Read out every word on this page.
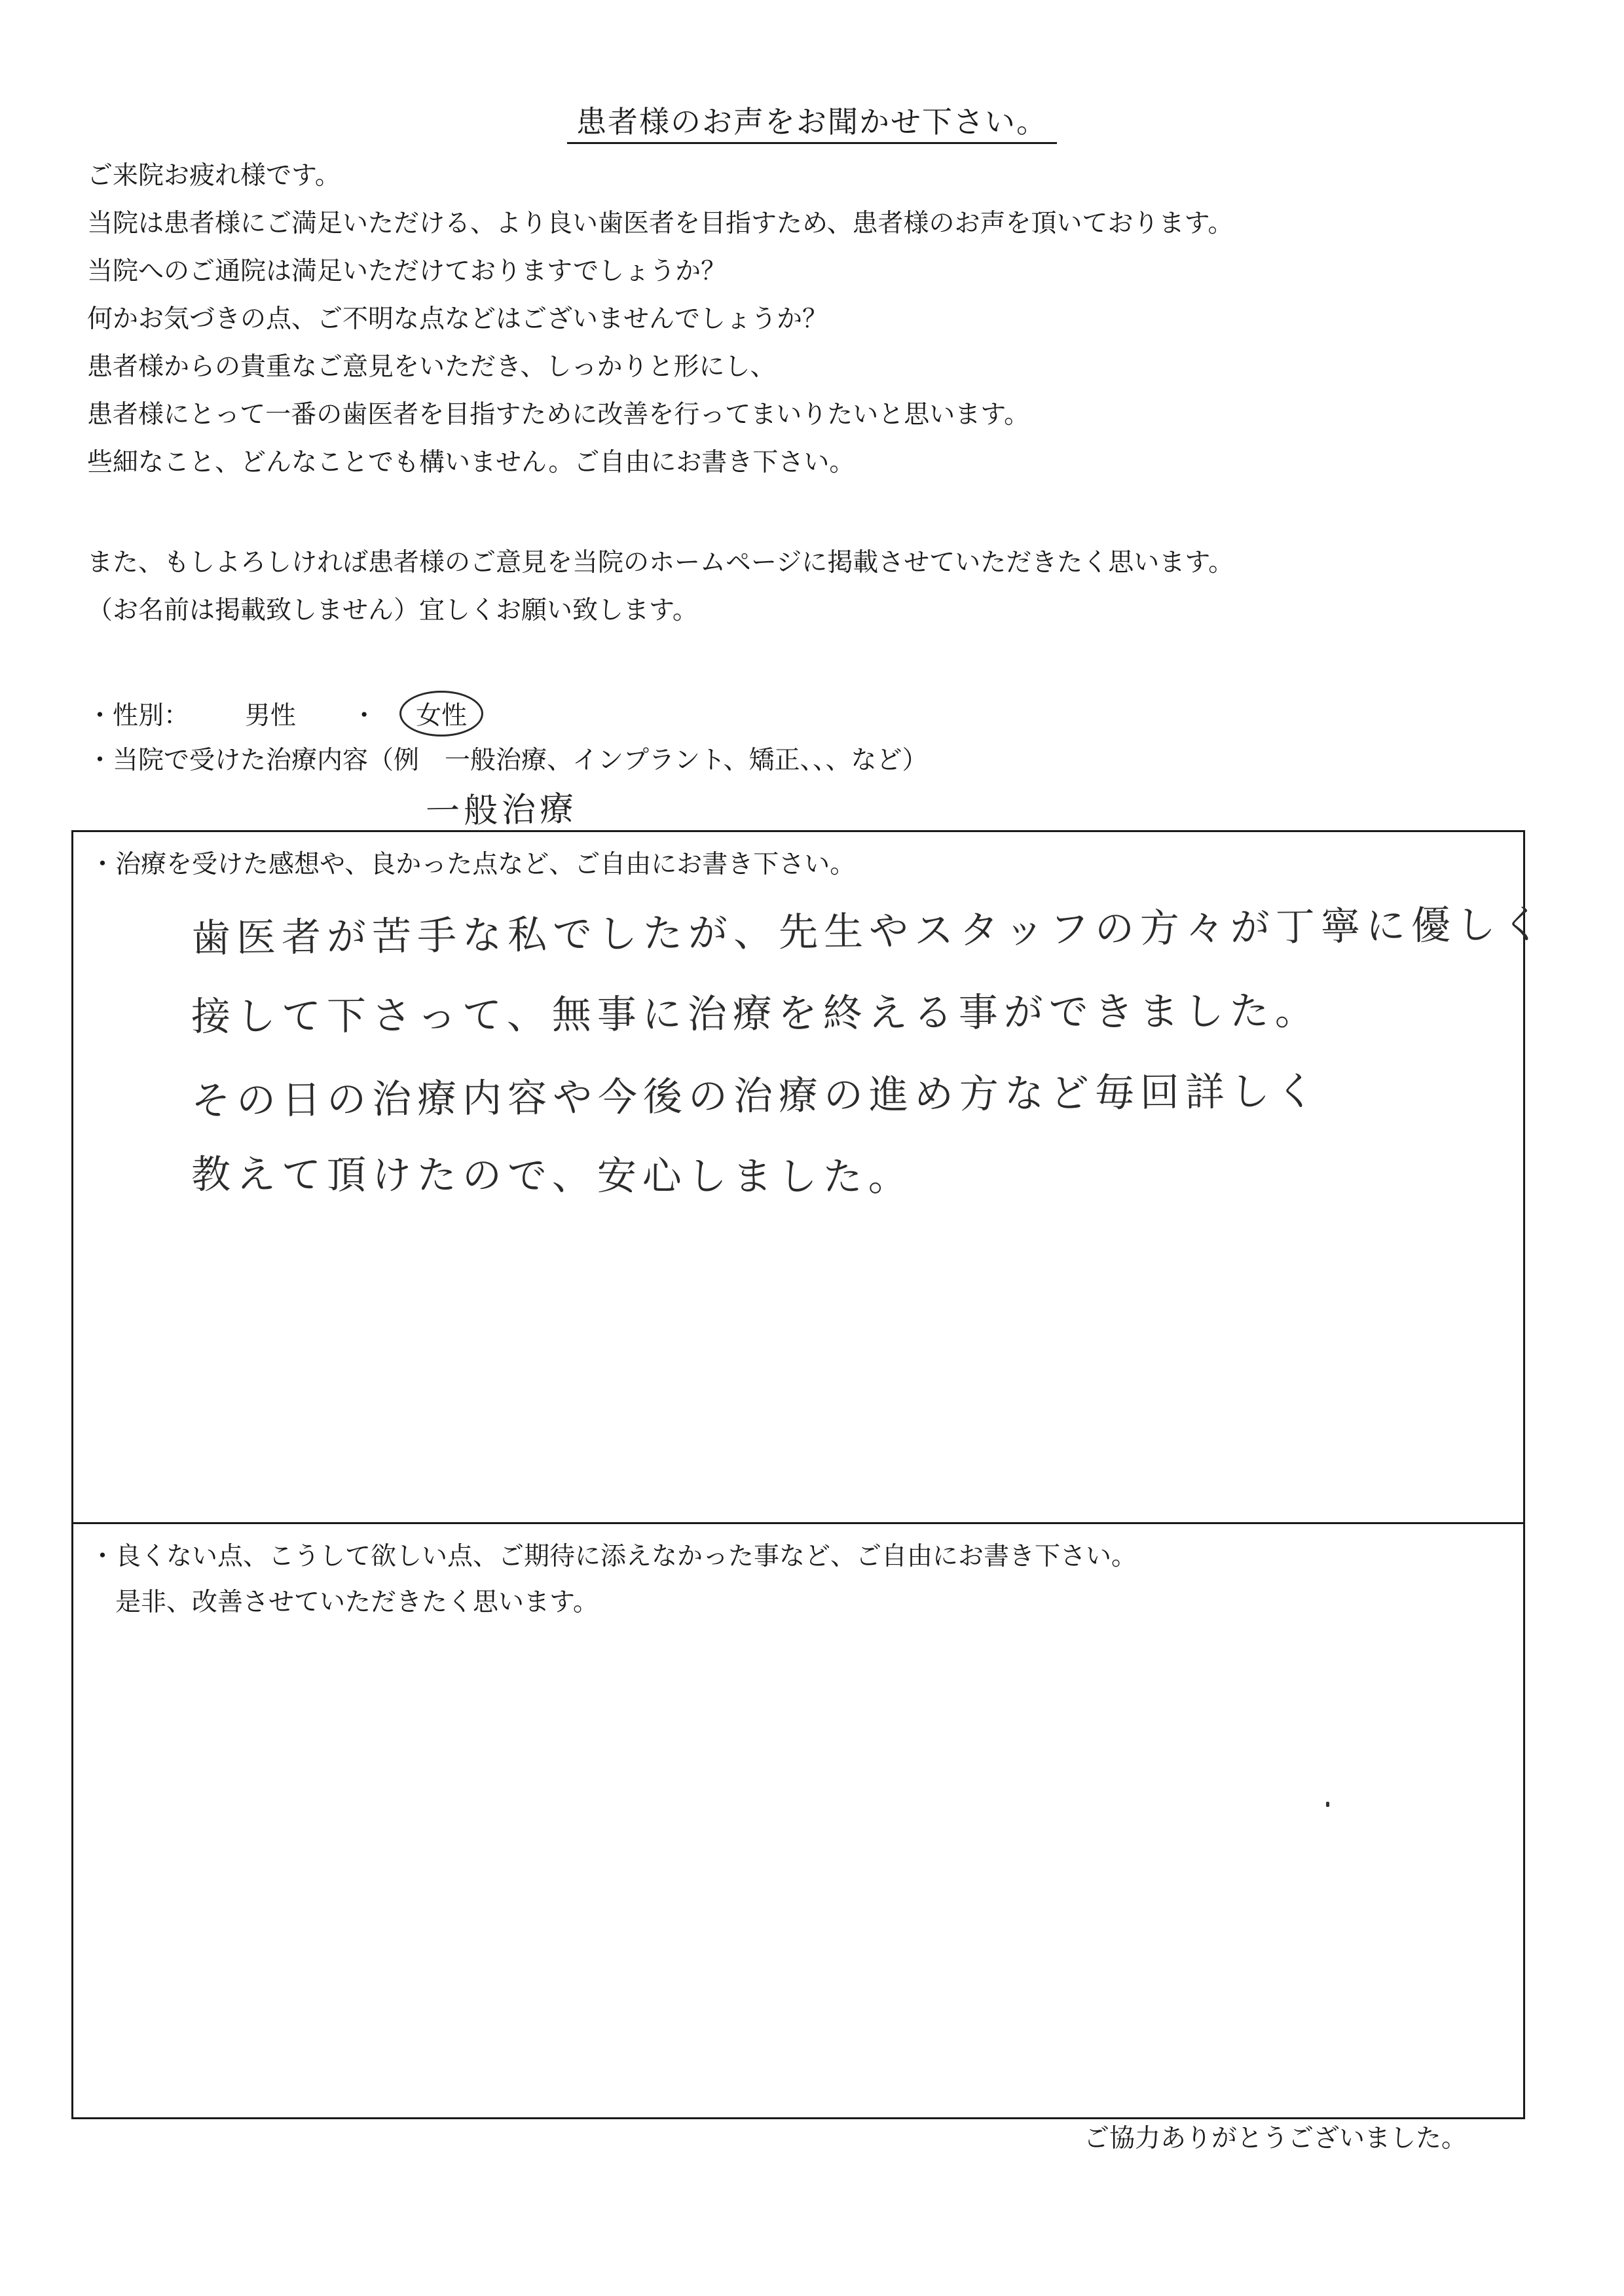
患者様のお声をお聞かせ下さい。
ご来院お疲れ様です。
当院は患者様にご満足いただける、より良い歯医者を目指すため、患者様のお声を頂いております。
当院へのご通院は満足いただけておりますでしょうか？
何かお気づきの点、ご不明な点などはございませんでしょうか？
患者様からの貴重なご意見をいただき、しっかりと形にし、
患者様にとって一番の歯医者を目指すために改善を行ってまいりたいと思います。
些細なこと、どんなことでも構いません。ご自由にお書き下さい。
また、もしよろしければ患者様のご意見を当院のホームページに掲載させていただきたく思います。
（お名前は掲載致しません）宜しくお願い致します。
・性別： 男性 ・ 女性
・当院で受けた治療内容（例　一般治療、インプラント、矯正、、、など）
一般治療
・治療を受けた感想や、良かった点など、ご自由にお書き下さい。
歯医者が苦手な私でしたが、先生やスタッフの方々が丁寧に優しく
接して下さって、無事に治療を終える事ができました。
その日の治療内容や今後の治療の進め方など毎回詳しく
教えて頂けたので、安心しました。
・良くない点、こうして欲しい点、ご期待に添えなかった事など、ご自由にお書き下さい。
是非、改善させていただきたく思います。
ご協力ありがとうございました。
